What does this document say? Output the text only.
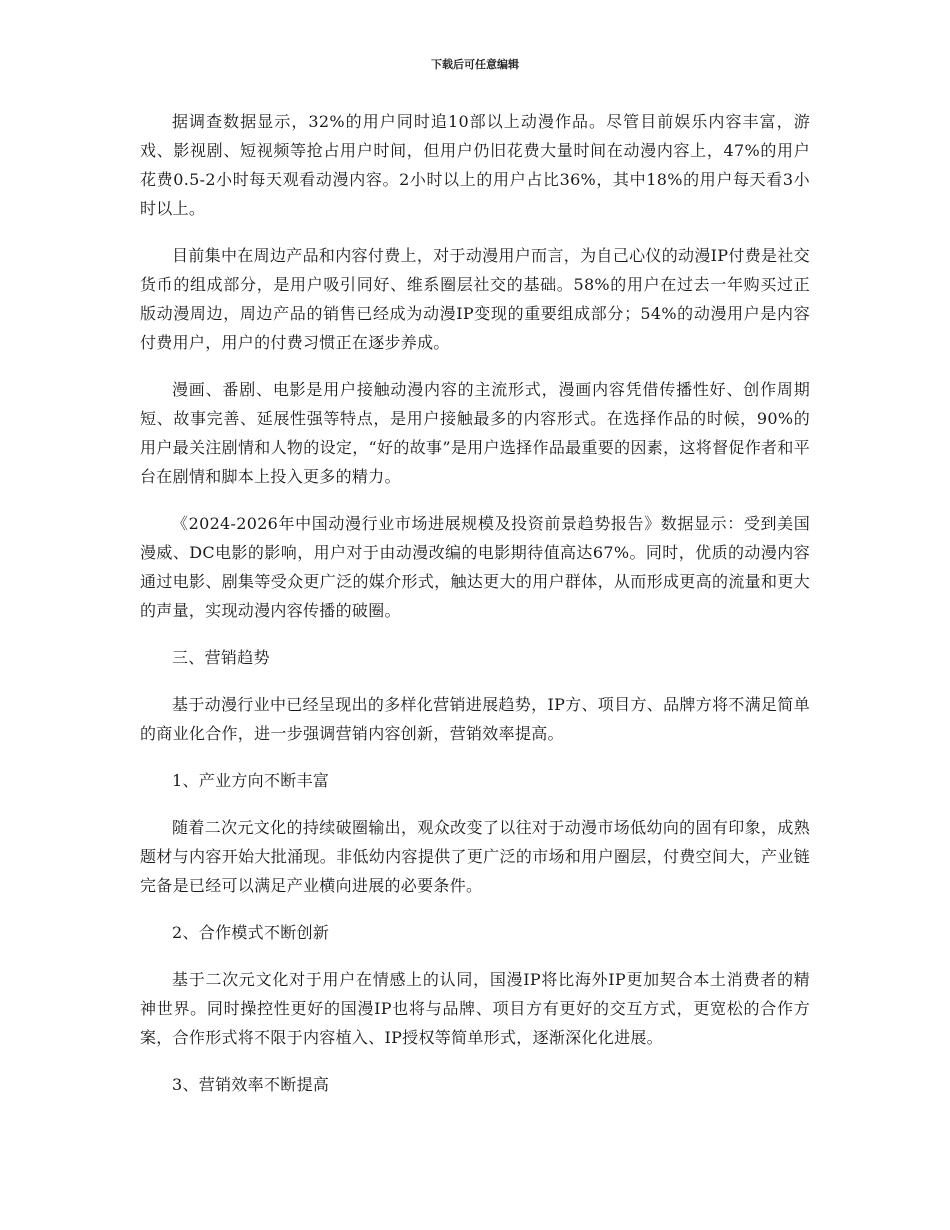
下载后可任意编辑

据调查数据显示，32%的用户同时追10部以上动漫作品。尽管目前娱乐内容丰富，游戏、影视剧、短视频等抢占用户时间，但用户仍旧花费大量时间在动漫内容上，47%的用户花费0.5-2小时每天观看动漫内容。2小时以上的用户占比36%，其中18%的用户每天看3小时以上。

目前集中在周边产品和内容付费上，对于动漫用户而言，为自己心仪的动漫IP付费是社交货币的组成部分，是用户吸引同好、维系圈层社交的基础。58%的用户在过去一年购买过正版动漫周边，周边产品的销售已经成为动漫IP变现的重要组成部分；54%的动漫用户是内容付费用户，用户的付费习惯正在逐步养成。

漫画、番剧、电影是用户接触动漫内容的主流形式，漫画内容凭借传播性好、创作周期短、故事完善、延展性强等特点，是用户接触最多的内容形式。在选择作品的时候，90%的用户最关注剧情和人物的设定，“好的故事”是用户选择作品最重要的因素，这将督促作者和平台在剧情和脚本上投入更多的精力。

《2024-2026年中国动漫行业市场进展规模及投资前景趋势报告》数据显示：受到美国漫威、DC电影的影响，用户对于由动漫改编的电影期待值高达67%。同时，优质的动漫内容通过电影、剧集等受众更广泛的媒介形式，触达更大的用户群体，从而形成更高的流量和更大的声量，实现动漫内容传播的破圈。

三、营销趋势

基于动漫行业中已经呈现出的多样化营销进展趋势，IP方、项目方、品牌方将不满足简单的商业化合作，进一步强调营销内容创新，营销效率提高。

1、产业方向不断丰富

随着二次元文化的持续破圈输出，观众改变了以往对于动漫市场低幼向的固有印象，成熟题材与内容开始大批涌现。非低幼内容提供了更广泛的市场和用户圈层，付费空间大，产业链完备是已经可以满足产业横向进展的必要条件。

2、合作模式不断创新

基于二次元文化对于用户在情感上的认同，国漫IP将比海外IP更加契合本土消费者的精神世界。同时操控性更好的国漫IP也将与品牌、项目方有更好的交互方式，更宽松的合作方案，合作形式将不限于内容植入、IP授权等简单形式，逐渐深化化进展。

3、营销效率不断提高
